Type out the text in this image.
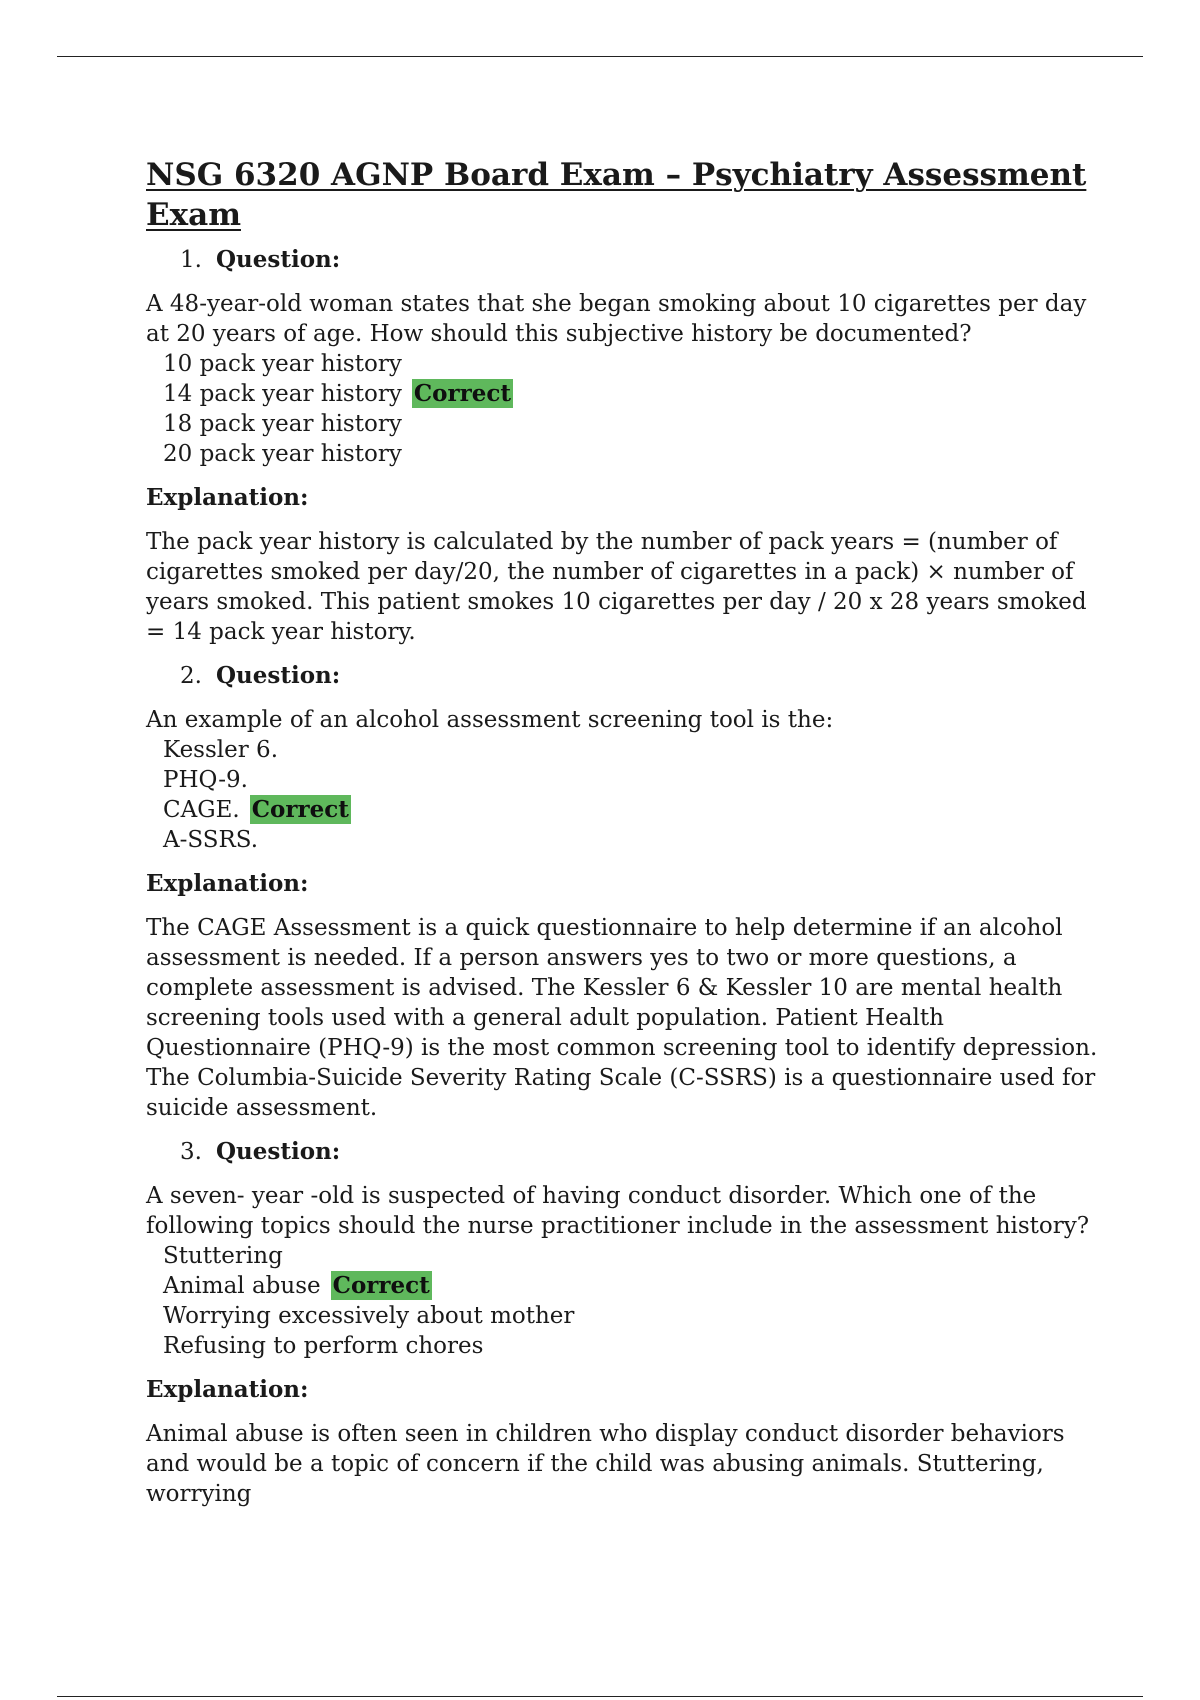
NSG 6320 AGNP Board Exam – Psychiatry Assessment Exam
1. Question:

A 48-year-old woman states that she began smoking about 10 cigarettes per day at 20 years of age. How should this subjective history be documented?

10 pack year history
14 pack year history Correct
18 pack year history
20 pack year history
Explanation:

The pack year history is calculated by the number of pack years = (number of cigarettes smoked per day/20, the number of cigarettes in a pack) × number of years smoked. This patient smokes 10 cigarettes per day / 20 x 28 years smoked = 14 pack year history.

2. Question:

An example of an alcohol assessment screening tool is the:

Kessler 6.
PHQ-9.
CAGE. Correct
A-SSRS.
Explanation:

The CAGE Assessment is a quick questionnaire to help determine if an alcohol assessment is needed. If a person answers yes to two or more questions, a complete assessment is advised. The Kessler 6 & Kessler 10 are mental health screening tools used with a general adult population. Patient Health Questionnaire (PHQ-9) is the most common screening tool to identify depression. The Columbia-Suicide Severity Rating Scale (C-SSRS) is a questionnaire used for suicide assessment.

3. Question:

A seven- year -old is suspected of having conduct disorder. Which one of the following topics should the nurse practitioner include in the assessment history?

Stuttering
Animal abuse Correct
Worrying excessively about mother
Refusing to perform chores
Explanation:

Animal abuse is often seen in children who display conduct disorder behaviors and would be a topic of concern if the child was abusing animals. Stuttering, worrying
